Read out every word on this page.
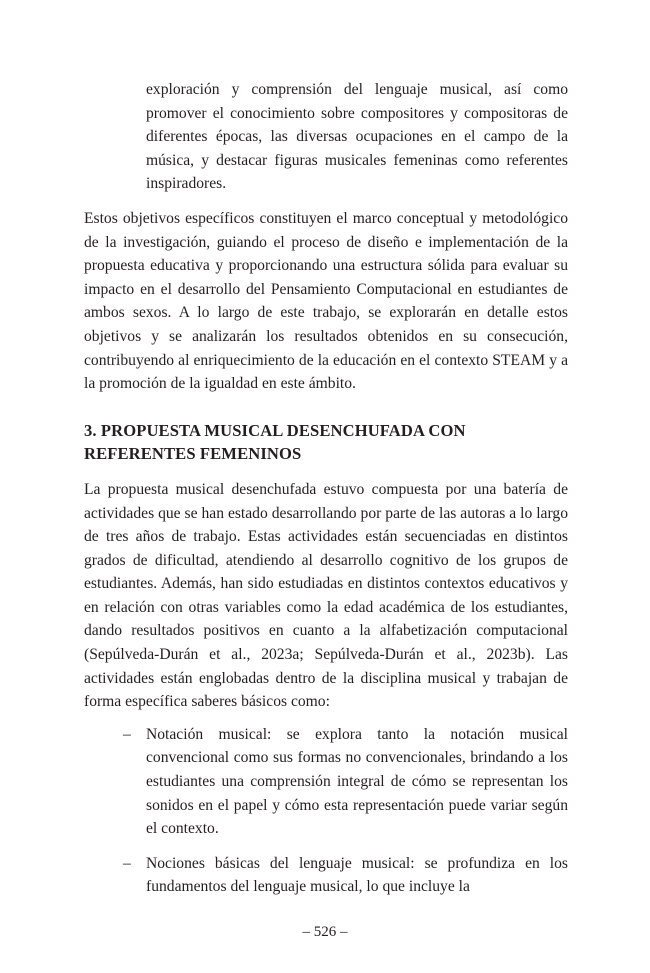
exploración y comprensión del lenguaje musical, así como promover el conocimiento sobre compositores y compositoras de diferentes épocas, las diversas ocupaciones en el campo de la música, y destacar figuras musicales femeninas como referentes inspiradores.

Estos objetivos específicos constituyen el marco conceptual y metodológico de la investigación, guiando el proceso de diseño e implementación de la propuesta educativa y proporcionando una estructura sólida para evaluar su impacto en el desarrollo del Pensamiento Computacional en estudiantes de ambos sexos. A lo largo de este trabajo, se explorarán en detalle estos objetivos y se analizarán los resultados obtenidos en su consecución, contribuyendo al enriquecimiento de la educación en el contexto STEAM y a la promoción de la igualdad en este ámbito.

3. PROPUESTA MUSICAL DESENCHUFADA CON
REFERENTES FEMENINOS

La propuesta musical desenchufada estuvo compuesta por una batería de actividades que se han estado desarrollando por parte de las autoras a lo largo de tres años de trabajo. Estas actividades están secuenciadas en distintos grados de dificultad, atendiendo al desarrollo cognitivo de los grupos de estudiantes. Además, han sido estudiadas en distintos contextos educativos y en relación con otras variables como la edad académica de los estudiantes, dando resultados positivos en cuanto a la alfabetización computacional (Sepúlveda-Durán et al., 2023a; Sepúlveda-Durán et al., 2023b). Las actividades están englobadas dentro de la disciplina musical y trabajan de forma específica saberes básicos como:

– Notación musical: se explora tanto la notación musical convencional como sus formas no convencionales, brindando a los estudiantes una comprensión integral de cómo se representan los sonidos en el papel y cómo esta representación puede variar según el contexto.
– Nociones básicas del lenguaje musical: se profundiza en los fundamentos del lenguaje musical, lo que incluye la
– 526 –
